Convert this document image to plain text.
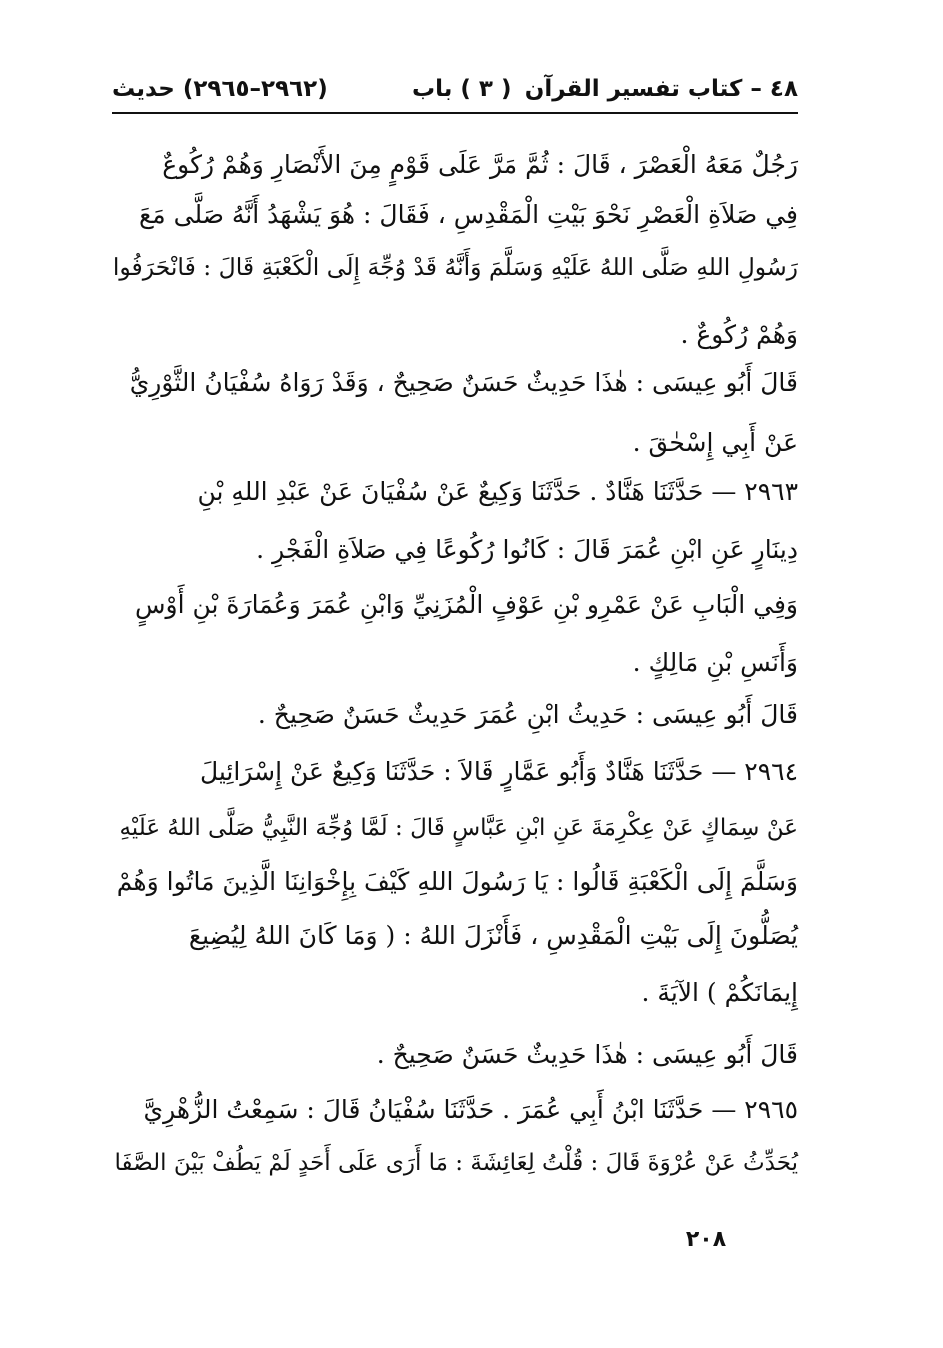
٤٨ – كتاب تفسير القرآن
( ٣ ) باب
(٢٩٦٢–٢٩٦٥) حديث
رَجُلٌ مَعَهُ الْعَصْرَ ، قَالَ : ثُمَّ مَرَّ عَلَى قَوْمٍ مِنَ الأَنْصَارِ وَهُمْ رُكُوعٌ
فِي صَلاَةِ الْعَصْرِ نَحْوَ بَيْتِ الْمَقْدِسِ ، فَقَالَ : هُوَ يَشْهَدُ أَنَّهُ صَلَّى مَعَ
رَسُولِ اللهِ صَلَّى اللهُ عَلَيْهِ وَسَلَّمَ وَأَنَّهُ قَدْ وُجِّهَ إِلَى الْكَعْبَةِ قَالَ : فَانْحَرَفُوا
وَهُمْ رُكُوعٌ .
قَالَ أَبُو عِيسَى : هٰذَا حَدِيثٌ حَسَنٌ صَحِيحٌ ، وَقَدْ رَوَاهُ سُفْيَانُ الثَّوْرِيُّ
عَنْ أَبِي إِسْحٰقَ .
٢٩٦٣ — حَدَّثَنَا هَنَّادٌ . حَدَّثَنَا وَكِيعٌ عَنْ سُفْيَانَ عَنْ عَبْدِ اللهِ بْنِ
دِينَارٍ عَنِ ابْنِ عُمَرَ قَالَ : كَانُوا رُكُوعًا فِي صَلاَةِ الْفَجْرِ .
وَفِي الْبَابِ عَنْ عَمْرِو بْنِ عَوْفٍ الْمُزَنِيِّ وَابْنِ عُمَرَ وَعُمَارَةَ بْنِ أَوْسٍ
وَأَنَسِ بْنِ مَالِكٍ .
قَالَ أَبُو عِيسَى : حَدِيثُ ابْنِ عُمَرَ حَدِيثٌ حَسَنٌ صَحِيحٌ .
٢٩٦٤ — حَدَّثَنَا هَنَّادٌ وَأَبُو عَمَّارٍ قَالاَ : حَدَّثَنَا وَكِيعٌ عَنْ إِسْرَائِيلَ
عَنْ سِمَاكٍ عَنْ عِكْرِمَةَ عَنِ ابْنِ عَبَّاسٍ قَالَ : لَمَّا وُجِّهَ النَّبِيُّ صَلَّى اللهُ عَلَيْهِ
وَسَلَّمَ إِلَى الْكَعْبَةِ قَالُوا : يَا رَسُولَ اللهِ كَيْفَ بِإِخْوَانِنَا الَّذِينَ مَاتُوا وَهُمْ
يُصَلُّونَ إِلَى بَيْتِ الْمَقْدِسِ ، فَأَنْزَلَ اللهُ : ( وَمَا كَانَ اللهُ لِيُضِيعَ
إِيمَانَكُمْ ) الآيَةَ .
قَالَ أَبُو عِيسَى : هٰذَا حَدِيثٌ حَسَنٌ صَحِيحٌ .
٢٩٦٥ — حَدَّثَنَا ابْنُ أَبِي عُمَرَ . حَدَّثَنَا سُفْيَانُ قَالَ : سَمِعْتُ الزُّهْرِيَّ
يُحَدِّثُ عَنْ عُرْوَةَ قَالَ : قُلْتُ لِعَائِشَةَ : مَا أَرَى عَلَى أَحَدٍ لَمْ يَطُفْ بَيْنَ الصَّفَا
٢٠٨
